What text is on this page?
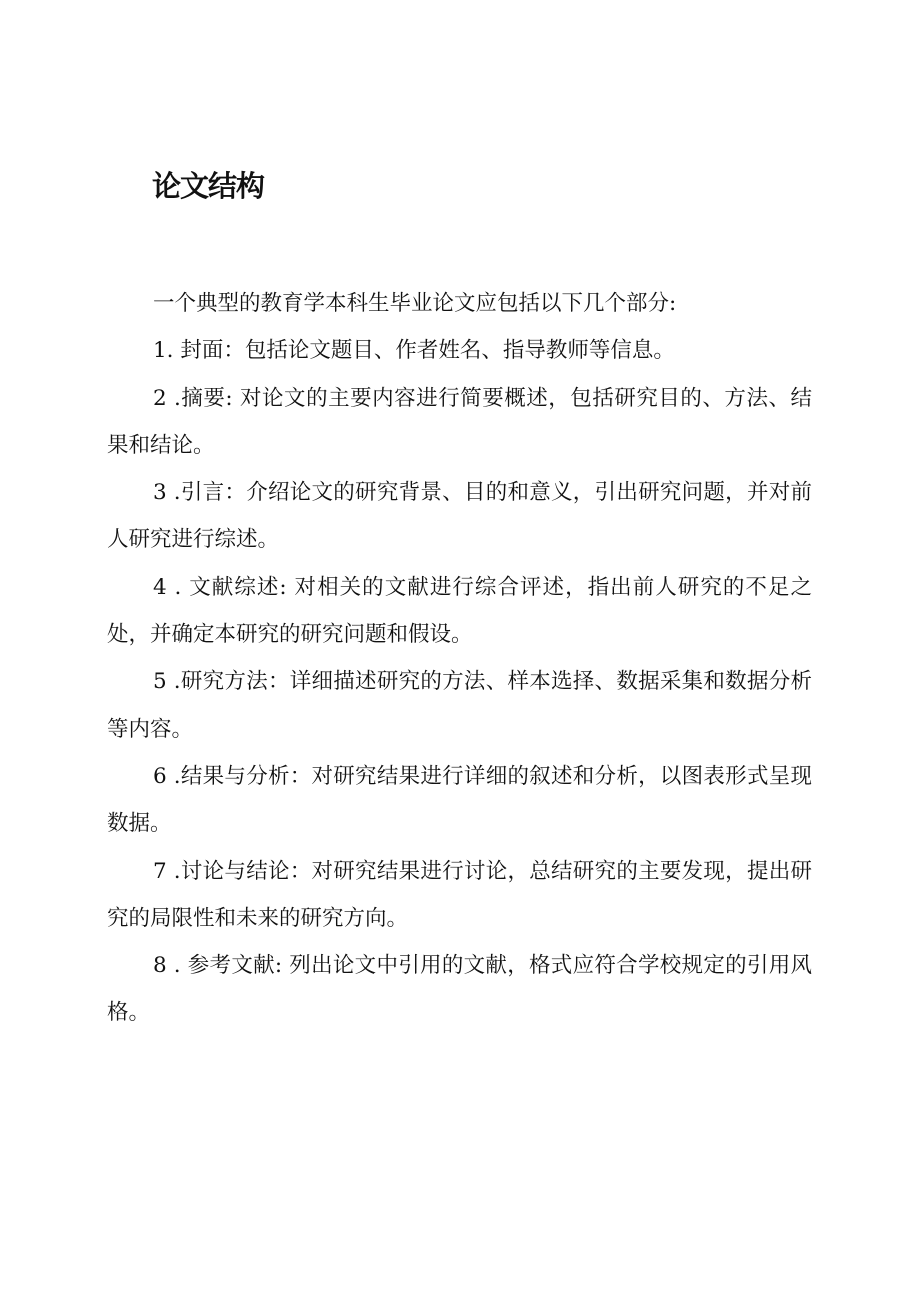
论文结构

一个典型的教育学本科生毕业论文应包括以下几个部分:

1. 封面：包括论文题目、作者姓名、指导教师等信息。

2 .摘要: 对论文的主要内容进行简要概述，包括研究目的、方法、结果和结论。

3 .引言：介绍论文的研究背景、目的和意义，引出研究问题，并对前人研究进行综述。

4 . 文献综述: 对相关的文献进行综合评述，指出前人研究的不足之处，并确定本研究的研究问题和假设。

5 .研究方法：详细描述研究的方法、样本选择、数据采集和数据分析等内容。

6 .结果与分析：对研究结果进行详细的叙述和分析，以图表形式呈现数据。

7 .讨论与结论：对研究结果进行讨论，总结研究的主要发现，提出研究的局限性和未来的研究方向。

8 . 参考文献: 列出论文中引用的文献，格式应符合学校规定的引用风格。
